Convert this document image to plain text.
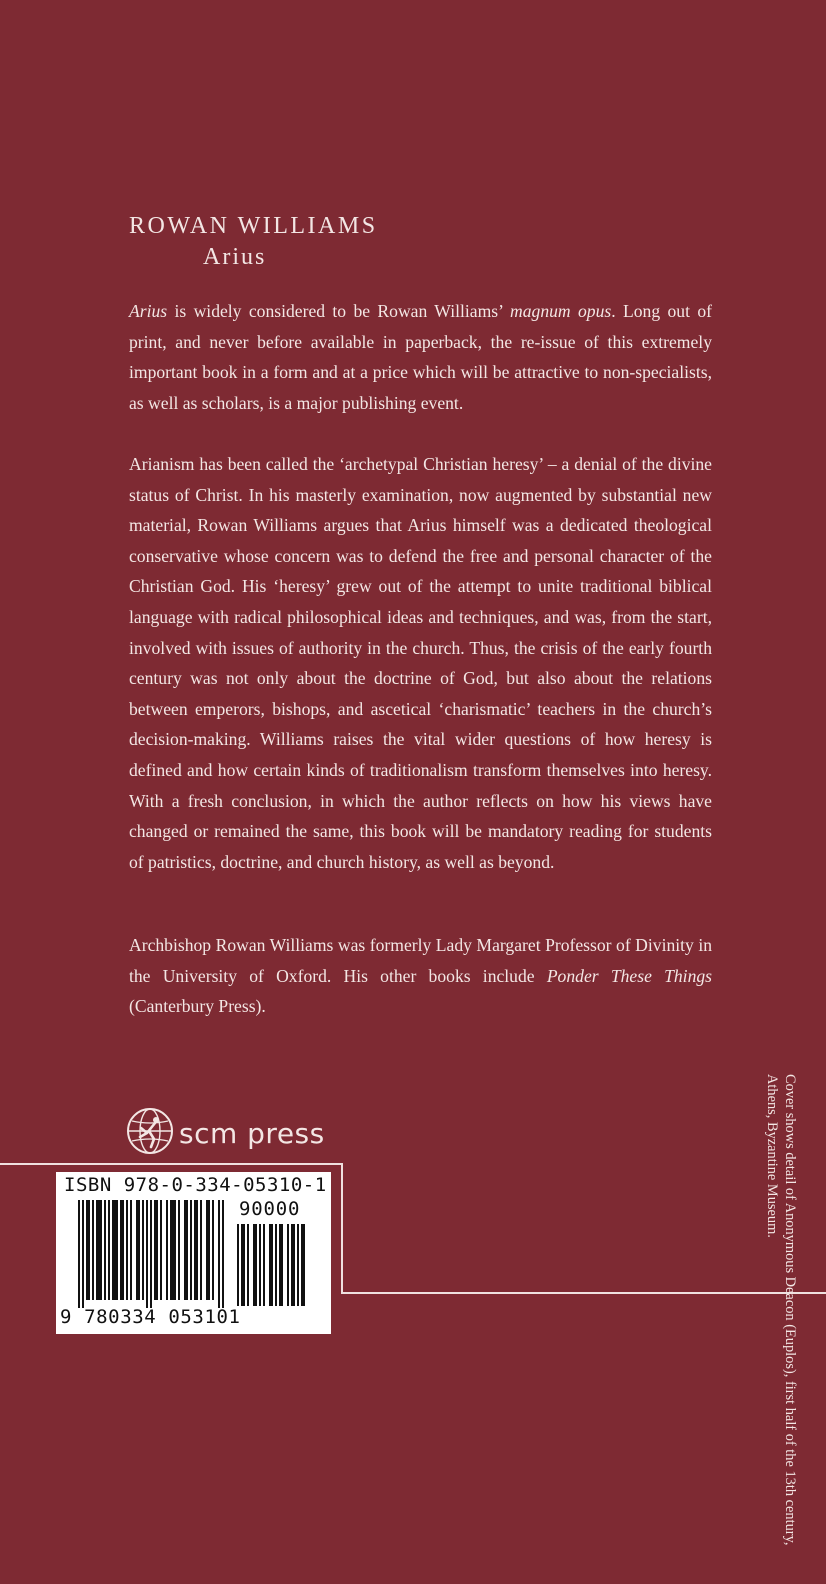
ROWAN WILLIAMS
Arius

Arius is widely considered to be Rowan Williams’ magnum opus. Long out of print, and never before available in paperback, the re-issue of this extremely important book in a form and at a price which will be attractive to non-specialists, as well as scholars, is a major publishing event.

Arianism has been called the ‘archetypal Christian heresy’ – a denial of the divine status of Christ. In his masterly examination, now augmented by substantial new material, Rowan Williams argues that Arius himself was a dedicated theological conservative whose concern was to defend the free and personal character of the Christian God. His ‘heresy’ grew out of the attempt to unite traditional biblical language with radical philosophical ideas and techniques, and was, from the start, involved with issues of authority in the church. Thus, the crisis of the early fourth century was not only about the doctrine of God, but also about the relations between emperors, bishops, and ascetical ‘charismatic’ teachers in the church’s decision-making. Williams raises the vital wider questions of how heresy is defined and how certain kinds of traditionalism transform themselves into heresy. With a fresh conclusion, in which the author reflects on how his views have changed or remained the same, this book will be mandatory reading for students of patristics, doctrine, and church history, as well as beyond.

Archbishop Rowan Williams was formerly Lady Margaret Professor of Divinity in the University of Oxford. His other books include Ponder These Things (Canterbury Press).

scm press	Cover shows detail of Anonymous Deacon (Euplos), first half of the 13th century, Athens, Byzantine Museum.

ISBN 978-0-334-05310-1

90000

9 780334 053101
